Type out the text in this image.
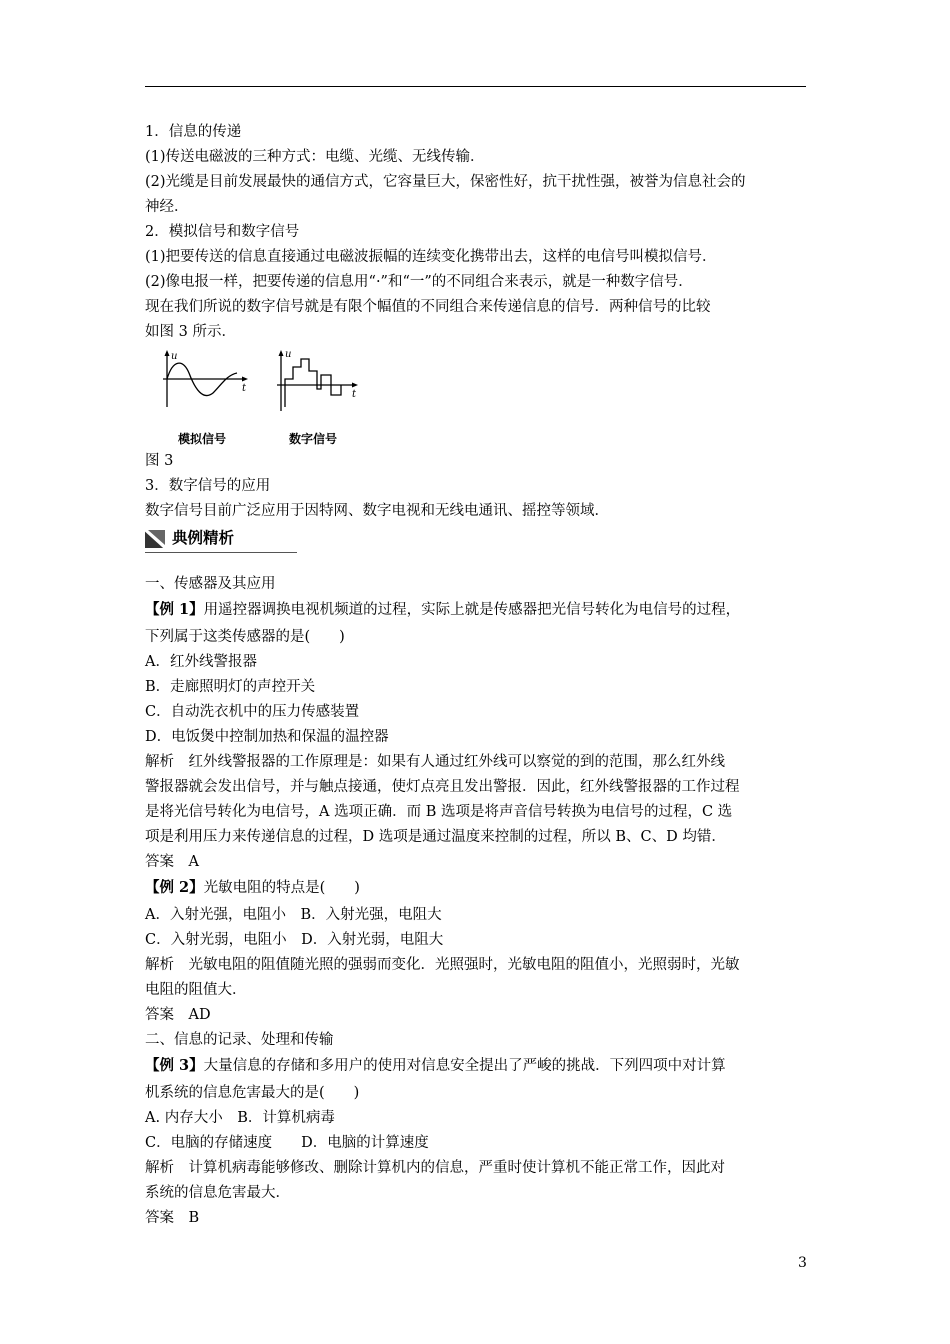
1．信息的传递
(1)传送电磁波的三种方式：电缆、光缆、无线传输．
(2)光缆是目前发展最快的通信方式，它容量巨大，保密性好，抗干扰性强，被誉为信息社会的
神经．
2．模拟信号和数字信号
(1)把要传送的信息直接通过电磁波振幅的连续变化携带出去，这样的电信号叫模拟信号．
(2)像电报一样，把要传递的信息用“·”和“一”的不同组合来表示，就是一种数字信号．
现在我们所说的数字信号就是有限个幅值的不同组合来传递信息的信号．两种信号的比较
如图 3 所示．
u
t
u
t
模拟信号	数字信号
图 3
3．数字信号的应用
数字信号目前广泛应用于因特网、数字电视和无线电通讯、摇控等领域．
典例精析
一、传感器及其应用
【例 1】用遥控器调换电视机频道的过程，实际上就是传感器把光信号转化为电信号的过程，
下列属于这类传感器的是(　　)
A．红外线警报器
B．走廊照明灯的声控开关
C．自动洗衣机中的压力传感装置
D．电饭煲中控制加热和保温的温控器
解析　红外线警报器的工作原理是：如果有人通过红外线可以察觉的到的范围，那么红外线
警报器就会发出信号，并与触点接通，使灯点亮且发出警报．因此，红外线警报器的工作过程
是将光信号转化为电信号，A 选项正确．而 B 选项是将声音信号转换为电信号的过程，C 选
项是利用压力来传递信息的过程，D 选项是通过温度来控制的过程，所以 B、C、D 均错．
答案　A
【例 2】光敏电阻的特点是(　　)
A．入射光强，电阻小　B．入射光强，电阻大
C．入射光弱，电阻小　D．入射光弱，电阻大
解析　光敏电阻的阻值随光照的强弱而变化．光照强时，光敏电阻的阻值小，光照弱时，光敏
电阻的阻值大．
答案　AD
二、信息的记录、处理和传输
【例 3】大量信息的存储和多用户的使用对信息安全提出了严峻的挑战．下列四项中对计算
机系统的信息危害最大的是(　　)
A. 内存大小　B．计算机病毒
C．电脑的存储速度　　D．电脑的计算速度
解析　计算机病毒能够修改、删除计算机内的信息，严重时使计算机不能正常工作，因此对
系统的信息危害最大．
答案　B
3
